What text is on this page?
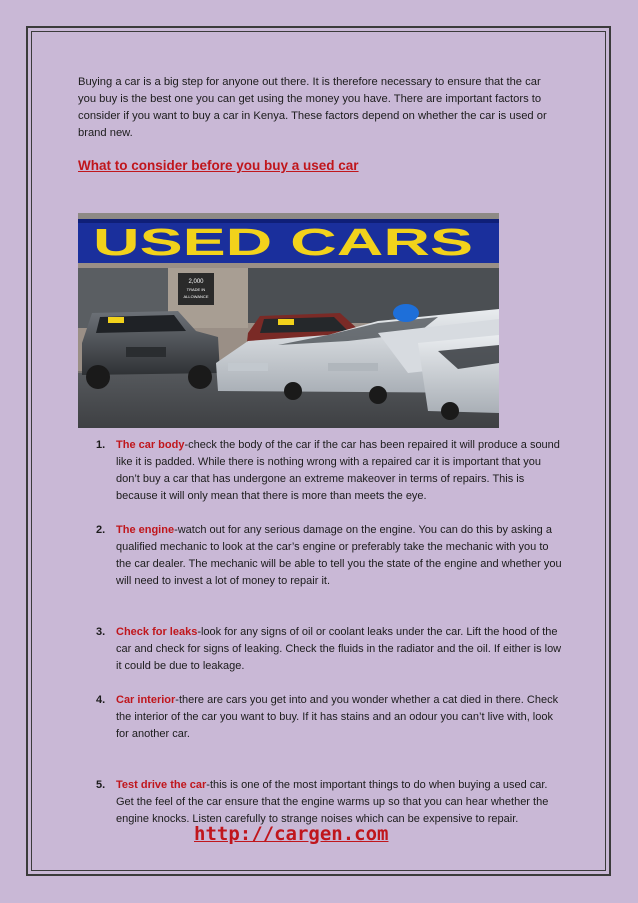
Buying a car is a big step for anyone out there. It is therefore necessary to ensure that the car you buy is the best one you can get using the money you have. There are important factors to consider if you want to buy a car in Kenya. These factors depend on whether the car is used or brand new.

What to consider before you buy a used car
2,000
TRADE IN
ALLOWANCE
USED CARS
1. The car body-check the body of the car if the car has been repaired it will produce a sound like it is padded. While there is nothing wrong with a repaired car it is important that you don’t buy a car that has undergone an extreme makeover in terms of repairs. This is because it will only mean that there is more than meets the eye.
2. The engine-watch out for any serious damage on the engine. You can do this by asking a qualified mechanic to look at the car’s engine or preferably take the mechanic with you to the car dealer. The mechanic will be able to tell you the state of the engine and whether you will need to invest a lot of money to repair it.
3. Check for leaks-look for any signs of oil or coolant leaks under the car. Lift the hood of the car and check for signs of leaking. Check the fluids in the radiator and the oil. If either is low it could be due to leakage.
4. Car interior-there are cars you get into and you wonder whether a cat died in there. Check the interior of the car you want to buy. If it has stains and an odour you can’t live with, look for another car.
5. Test drive the car-this is one of the most important things to do when buying a used car. Get the feel of the car ensure that the engine warms up so that you can hear whether the engine knocks. Listen carefully to strange noises which can be expensive to repair.
http://cargen.com
